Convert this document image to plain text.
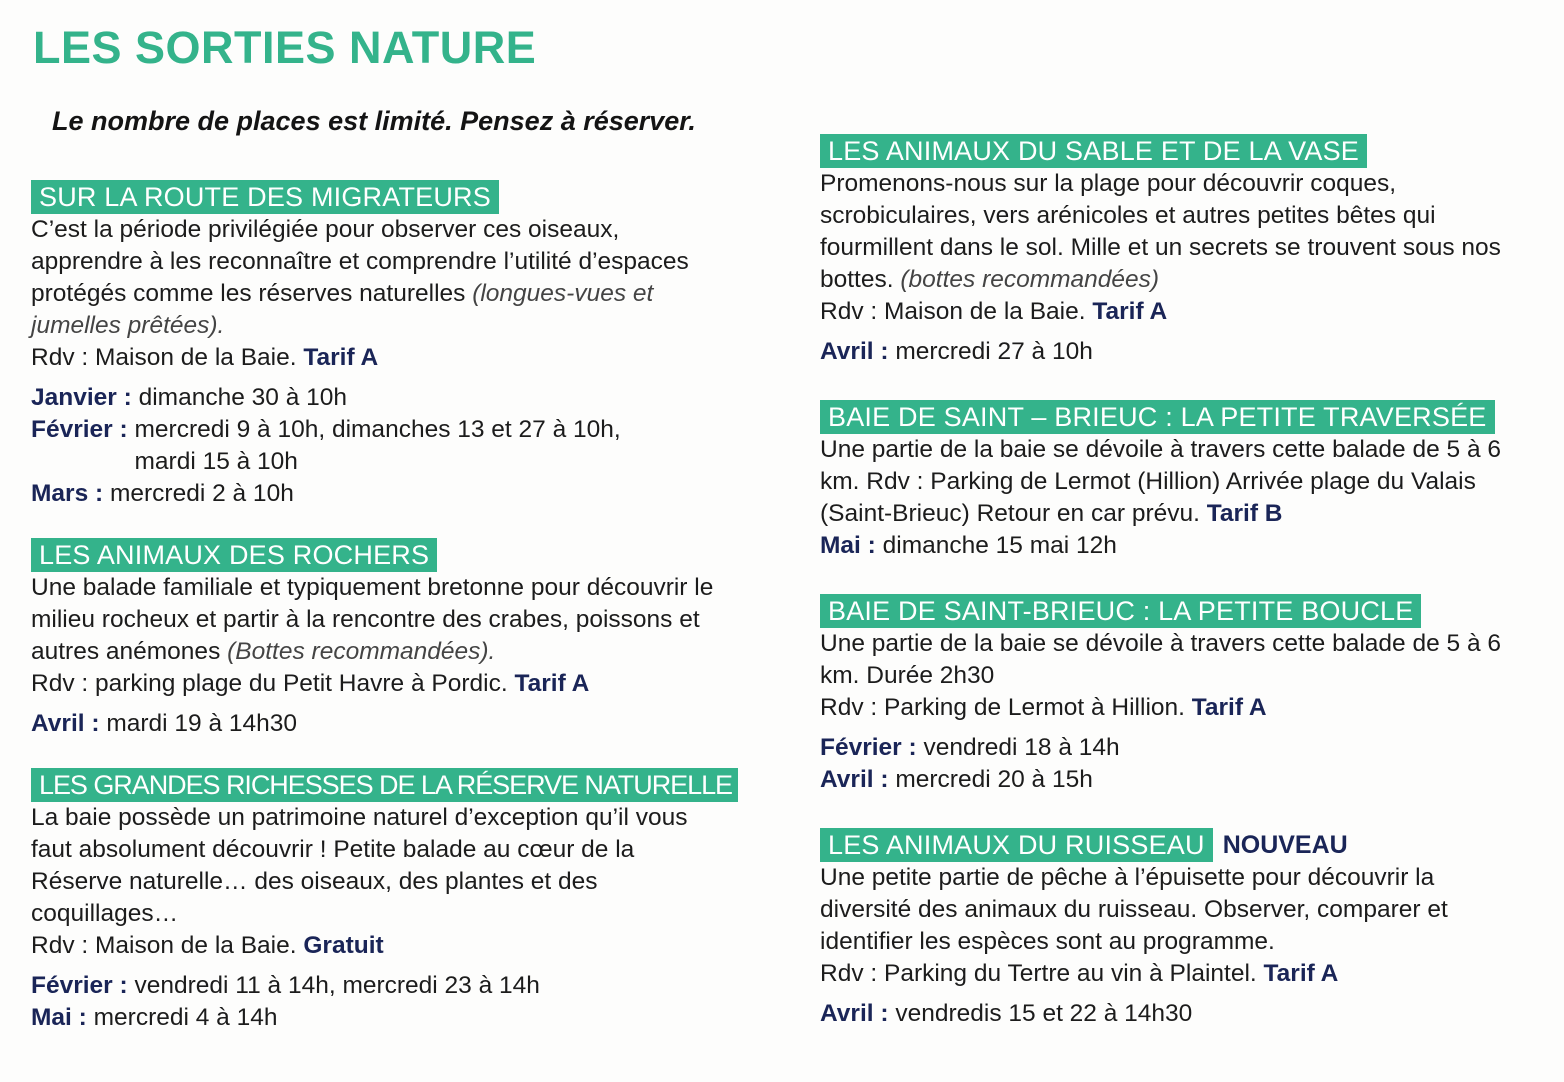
LES SORTIES NATURE
Le nombre de places est limité. Pensez à réserver.
SUR LA ROUTE DES MIGRATEURS

C’est la période privilégiée pour observer ces oiseaux, apprendre à les reconnaître et comprendre l’utilité d’espaces protégés comme les réserves naturelles (longues-vues et jumelles prêtées).

Rdv : Maison de la Baie. Tarif A
Janvier : dimanche 30 à 10h
Février : mercredi 9 à 10h, dimanches 13 et 27 à 10h,
mardi 15 à 10h
Mars : mercredi 2 à 10h
LES ANIMAUX DES ROCHERS

Une balade familiale et typiquement bretonne pour découvrir le milieu rocheux et partir à la rencontre des crabes, poissons et autres anémones (Bottes recommandées).

Rdv : parking plage du Petit Havre à Pordic. Tarif A
Avril : mardi 19 à 14h30
LES GRANDES RICHESSES DE LA RÉSERVE NATURELLE

La baie possède un patrimoine naturel d’exception qu’il vous faut absolument découvrir ! Petite balade au cœur de la Réserve naturelle… des oiseaux, des plantes et des coquillages…

Rdv : Maison de la Baie. Gratuit
Février : vendredi 11 à 14h, mercredi 23 à 14h
Mai : mercredi 4 à 14h
LES ANIMAUX DU SABLE ET DE LA VASE

Promenons-nous sur la plage pour découvrir coques, scrobiculaires, vers arénicoles et autres petites bêtes qui fourmillent dans le sol. Mille et un secrets se trouvent sous nos bottes. (bottes recommandées)

Rdv : Maison de la Baie. Tarif A
Avril : mercredi 27 à 10h
BAIE DE SAINT – BRIEUC : LA PETITE TRAVERSÉE

Une partie de la baie se dévoile à travers cette balade de 5 à 6 km. Rdv : Parking de Lermot (Hillion) Arrivée plage du Valais (Saint-Brieuc) Retour en car prévu. Tarif B

Mai : dimanche 15 mai 12h
BAIE DE SAINT-BRIEUC : LA PETITE BOUCLE

Une partie de la baie se dévoile à travers cette balade de 5 à 6 km. Durée 2h30

Rdv : Parking de Lermot à Hillion. Tarif A
Février : vendredi 18 à 14h
Avril : mercredi 20 à 15h
LES ANIMAUX DU RUISSEAU NOUVEAU

Une petite partie de pêche à l’épuisette pour découvrir la diversité des animaux du ruisseau. Observer, comparer et identifier les espèces sont au programme.

Rdv : Parking du Tertre au vin à Plaintel. Tarif A
Avril : vendredis 15 et 22 à 14h30
